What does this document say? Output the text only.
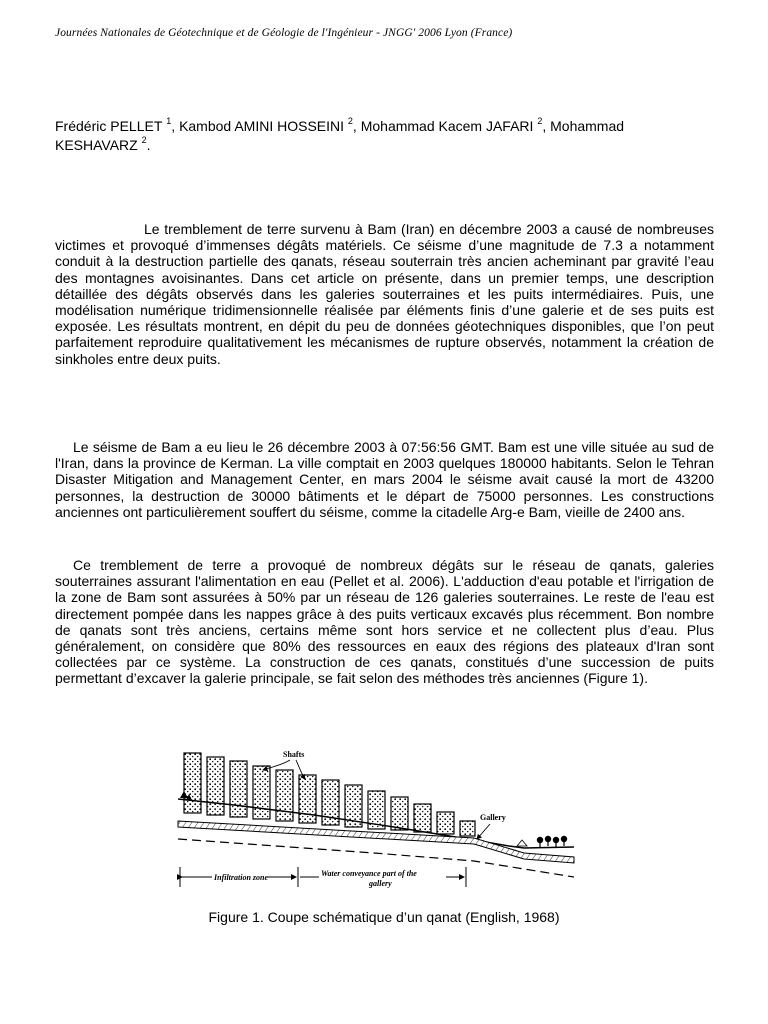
Journées Nationales de Géotechnique et de Géologie de l'Ingénieur - JNGG' 2006 Lyon (France)
Frédéric PELLET $^1$, Kambod AMINI HOSSEINI $^2$, Mohammad Kacem JAFARI $^2$, Mohammad KESHAVARZ $^2$.

Le tremblement de terre survenu à Bam (Iran) en décembre 2003 a causé de nombreuses victimes et provoqué d’immenses dégâts matériels. Ce séisme d’une magnitude de 7.3 a notamment conduit à la destruction partielle des qanats, réseau souterrain très ancien acheminant par gravité l’eau des montagnes avoisinantes. Dans cet article on présente, dans un premier temps, une description détaillée des dégâts observés dans les galeries souterraines et les puits intermédiaires. Puis, une modélisation numérique tridimensionnelle réalisée par éléments finis d’une galerie et de ses puits est exposée. Les résultats montrent, en dépit du peu de données géotechniques disponibles, que l’on peut parfaitement reproduire qualitativement les mécanismes de rupture observés, notamment la création de sinkholes entre deux puits.

Le séisme de Bam a eu lieu le 26 décembre 2003 à 07:56:56 GMT. Bam est une ville située au sud de l'Iran, dans la province de Kerman. La ville comptait en 2003 quelques 180000 habitants. Selon le Tehran Disaster Mitigation and Management Center, en mars 2004 le séisme avait causé la mort de 43200 personnes, la destruction de 30000 bâtiments et le départ de 75000 personnes. Les constructions anciennes ont particulièrement souffert du séisme, comme la citadelle Arg-e Bam, vieille de 2400 ans.

Ce tremblement de terre a provoqué de nombreux dégâts sur le réseau de qanats, galeries souterraines assurant l'alimentation en eau (Pellet et al. 2006). L'adduction d'eau potable et l'irrigation de la zone de Bam sont assurées à 50% par un réseau de 126 galeries souterraines. Le reste de l'eau est directement pompée dans les nappes grâce à des puits verticaux excavés plus récemment. Bon nombre de qanats sont très anciens, certains même sont hors service et ne collectent plus d’eau. Plus généralement, on considère que 80% des ressources en eaux des régions des plateaux d'Iran sont collectées par ce système. La construction de ces qanats, constitués d’une succession de puits permettant d’excaver la galerie principale, se fait selon des méthodes très anciennes (Figure 1).

Shafts
Gallery
Infiltration zone	Water conveyance part of the
gallery
Figure 1. Coupe schématique d’un qanat (English, 1968)
